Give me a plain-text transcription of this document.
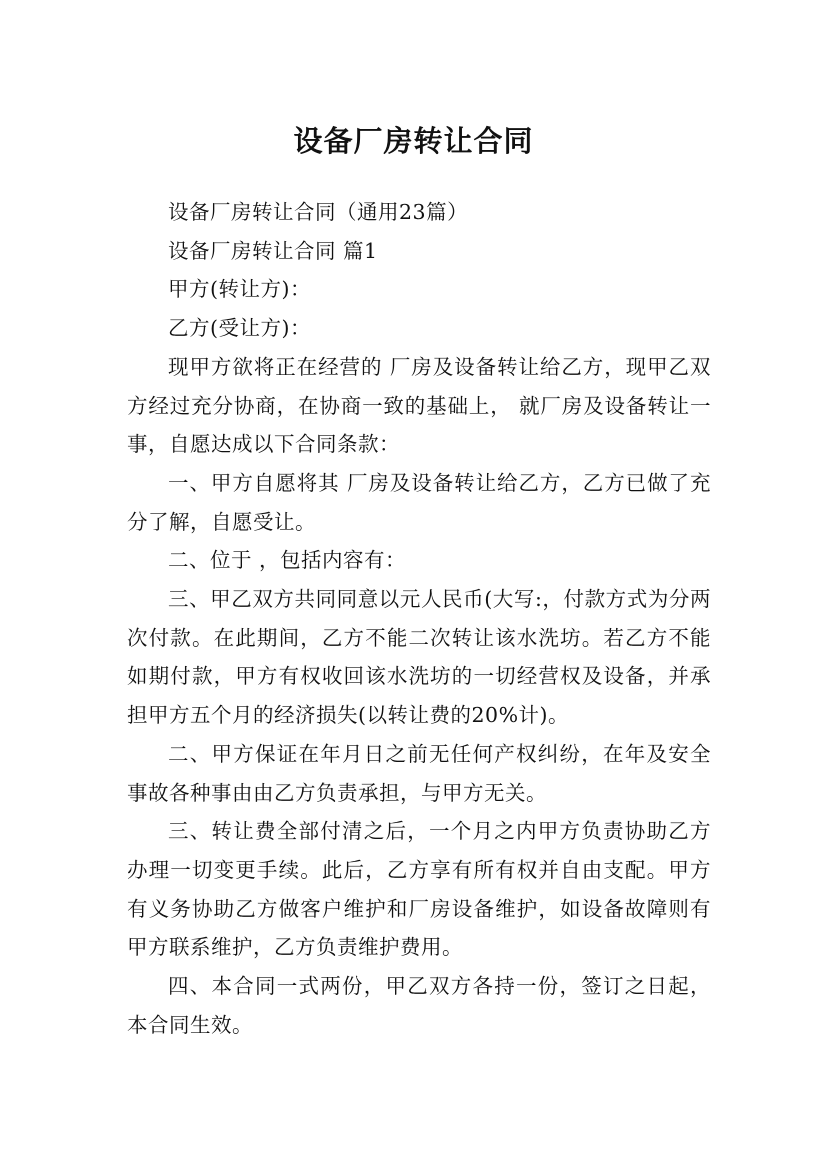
设备厂房转让合同

设备厂房转让合同（通用23篇）

设备厂房转让合同 篇1

甲方(转让方)：

乙方(受让方)：

现甲方欲将正在经营的 厂房及设备转让给乙方，现甲乙双方经过充分协商，在协商一致的基础上， 就厂房及设备转让一事，自愿达成以下合同条款：

一、甲方自愿将其 厂房及设备转让给乙方，乙方已做了充分了解，自愿受让。

二、位于 ，包括内容有：

三、甲乙双方共同同意以元人民币(大写:，付款方式为分两次付款。在此期间，乙方不能二次转让该水洗坊。若乙方不能如期付款，甲方有权收回该水洗坊的一切经营权及设备，并承担甲方五个月的经济损失(以转让费的20%计)。

二、甲方保证在年月日之前无任何产权纠纷，在年及安全事故各种事由由乙方负责承担，与甲方无关。

三、转让费全部付清之后，一个月之内甲方负责协助乙方办理一切变更手续。此后，乙方享有所有权并自由支配。甲方有义务协助乙方做客户维护和厂房设备维护，如设备故障则有甲方联系维护，乙方负责维护费用。

四、本合同一式两份，甲乙双方各持一份，签订之日起，本合同生效。
